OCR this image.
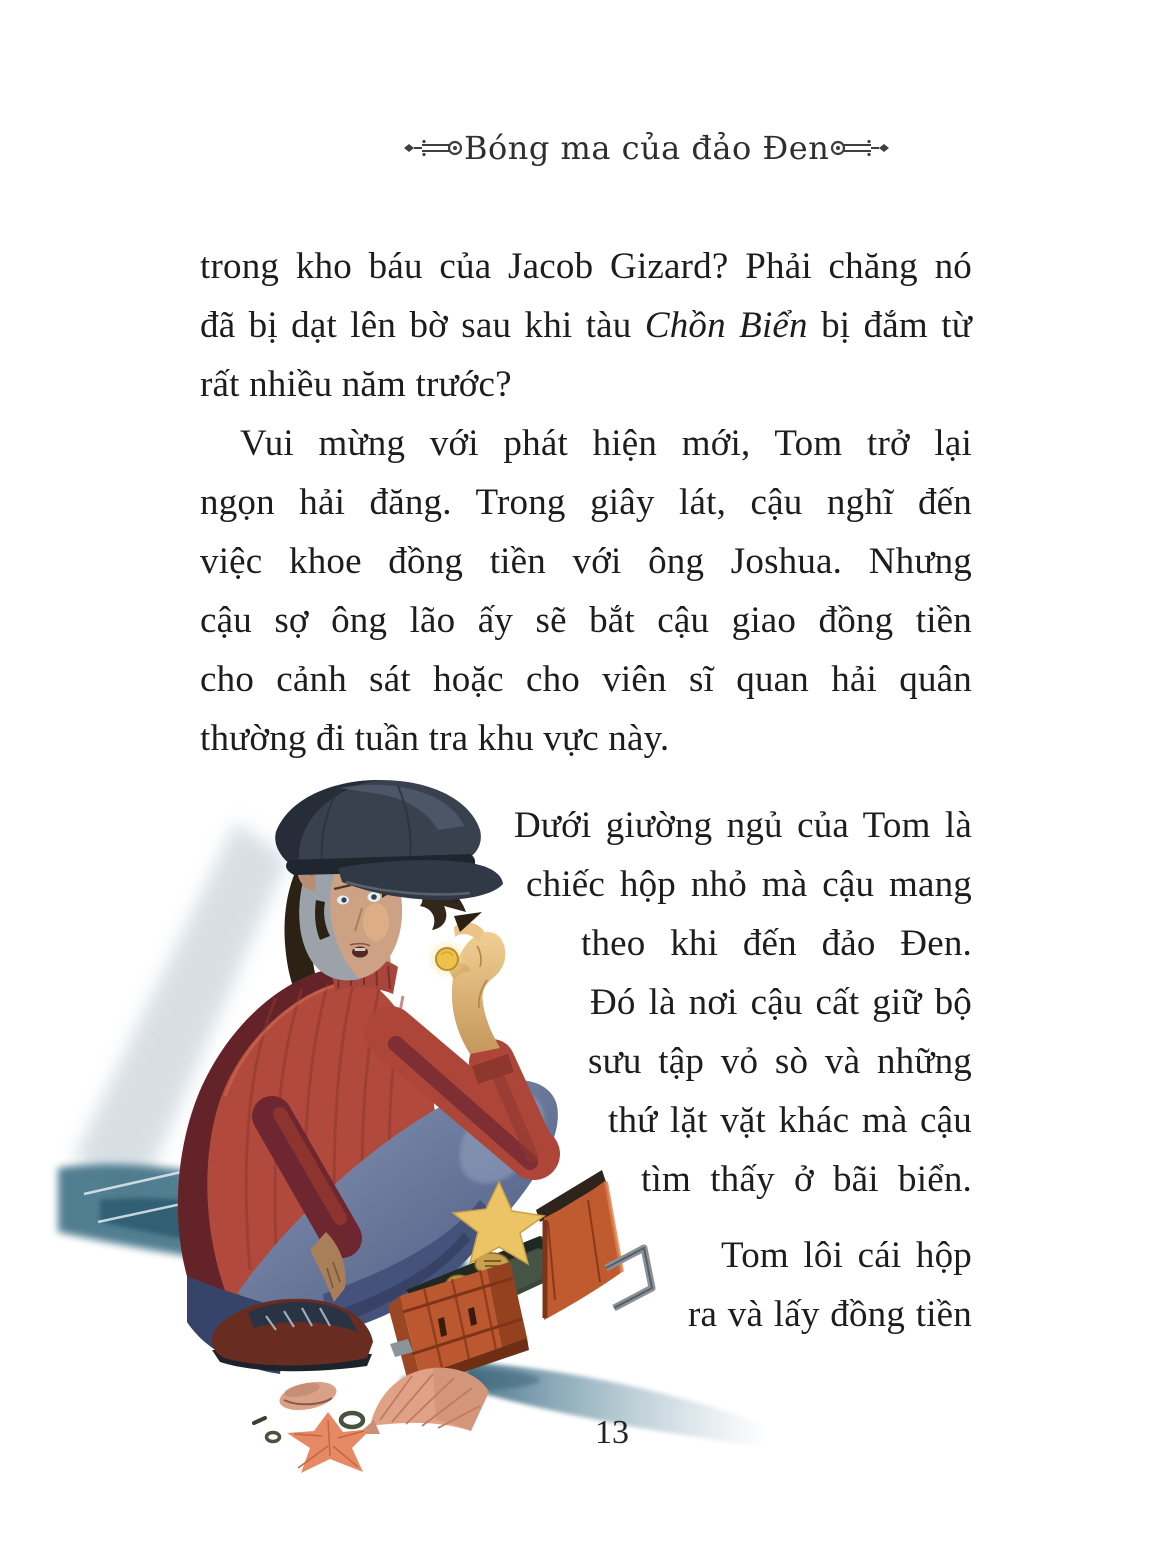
Bóng ma của đảo Đen
trong kho báu của Jacob Gizard? Phải chăng nó
đã bị dạt lên bờ sau khi tàu Chồn Biển bị đắm từ
rất nhiều năm trước?
Vui mừng với phát hiện mới, Tom trở lại
ngọn hải đăng. Trong giây lát, cậu nghĩ đến
việc khoe đồng tiền với ông Joshua. Nhưng
cậu sợ ông lão ấy sẽ bắt cậu giao đồng tiền
cho cảnh sát hoặc cho viên sĩ quan hải quân
thường đi tuần tra khu vực này.
Dưới giường ngủ của Tom là
chiếc hộp nhỏ mà cậu mang
theo khi đến đảo Đen.
Đó là nơi cậu cất giữ bộ
sưu tập vỏ sò và những
thứ lặt vặt khác mà cậu
tìm thấy ở bãi biển.
Tom lôi cái hộp
ra và lấy đồng tiền
13
